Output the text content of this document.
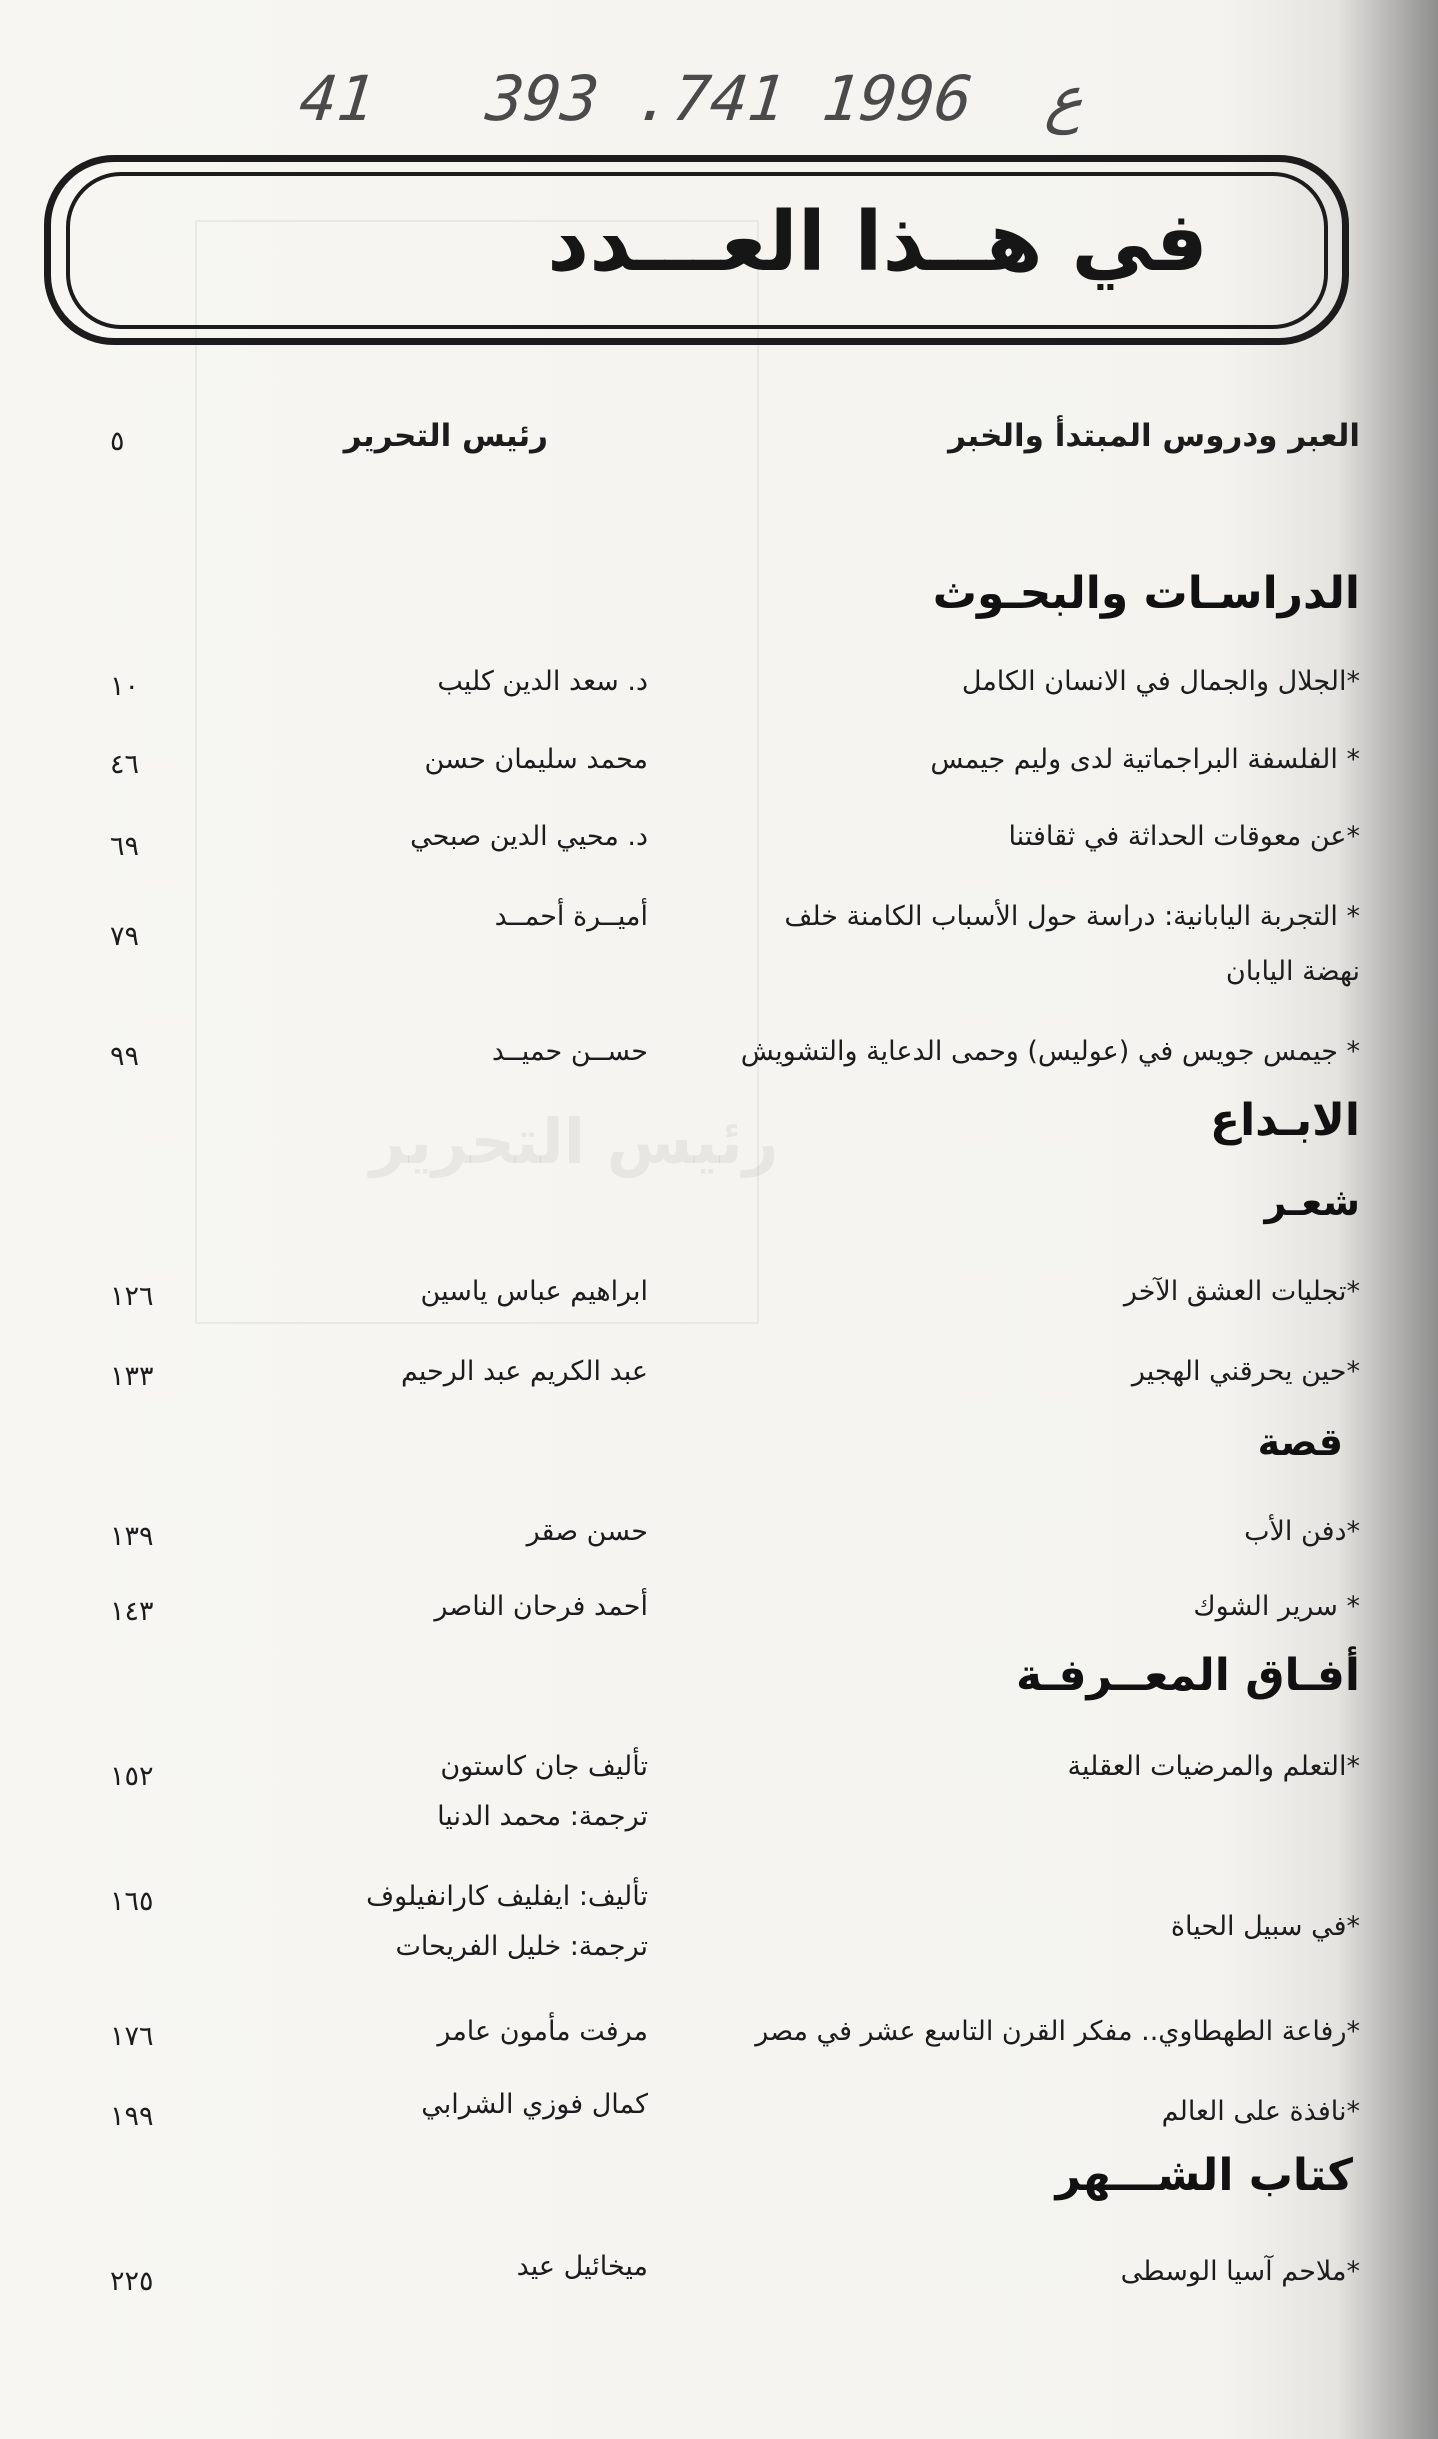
رئيس التحرير
41   393 .ع  1996 741
في هــذا العـــدد
العبر ودروس المبتدأ والخبر
رئيس التحرير
٥
الدراسـات والبحـوث
*الجلال والجمال في الانسان الكامل
د. سعد الدين كليب
١٠
* الفلسفة البراجماتية لدى وليم جيمس
محمد سليمان حسن
٤٦
*عن معوقات الحداثة في ثقافتنا
د. محيي الدين صبحي
٦٩
* التجربة اليابانية: دراسة حول الأسباب الكامنة خلف
نهضة اليابان
أميــرة أحمــد
٧٩
* جيمس جويس في (عوليس) وحمى الدعاية والتشويش
حســن حميــد
٩٩
الابـداع
شعـر
*تجليات العشق الآخر
ابراهيم عباس ياسين
١٢٦
*حين يحرقني الهجير
عبد الكريم عبد الرحيم
١٣٣
قصة
*دفن الأب
حسن صقر
١٣٩
* سرير الشوك
أحمد فرحان الناصر
١٤٣
أفـاق المعــرفـة
*التعلم والمرضيات العقلية
تأليف جان كاستون
ترجمة: محمد الدنيا
١٥٢
*في سبيل الحياة
تأليف: ايفليف كارانفيلوف
ترجمة: خليل الفريحات
١٦٥
*رفاعة الطهطاوي.. مفكر القرن التاسع عشر في مصر
مرفت مأمون عامر
١٧٦
*نافذة على العالم
كمال فوزي الشرابي
١٩٩
كتاب الشـــهر
*ملاحم آسيا الوسطى
ميخائيل عيد
٢٢٥
